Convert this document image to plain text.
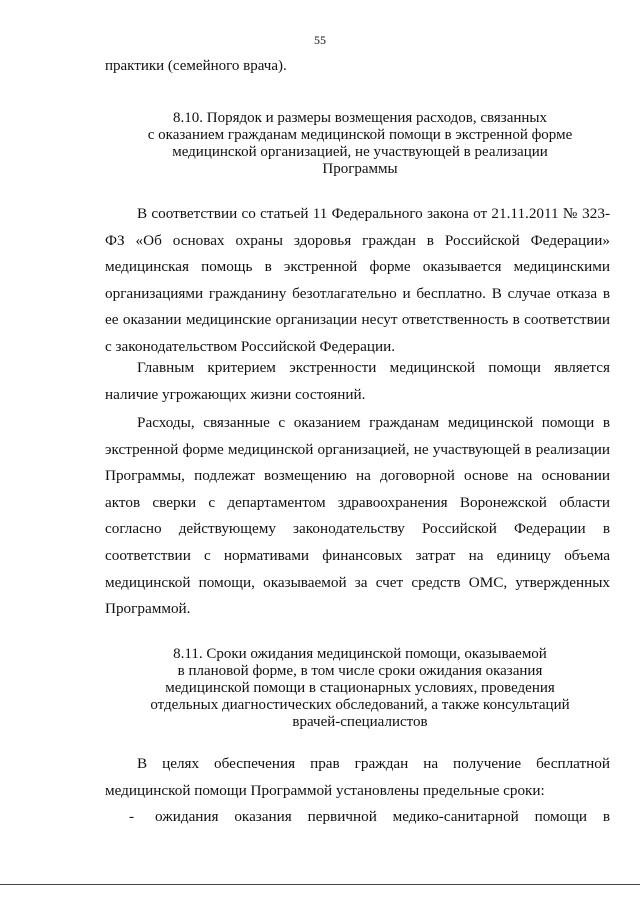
55
практики (семейного врача).
8.10. Порядок и размеры возмещения расходов, связанных
с оказанием гражданам медицинской помощи в экстренной форме
медицинской организацией, не участвующей в реализации
Программы

В соответствии со статьей 11 Федерального закона от 21.11.2011 № 323-ФЗ «Об основах охраны здоровья граждан в Российской Федерации» медицинская помощь в экстренной форме оказывается медицинскими организациями гражданину безотлагательно и бесплатно. В случае отказа в ее оказании медицинские организации несут ответственность в соответствии с законодательством Российской Федерации.

Главным критерием экстренности медицинской помощи является наличие угрожающих жизни состояний.

Расходы, связанные с оказанием гражданам медицинской помощи в экстренной форме медицинской организацией, не участвующей в реализации Программы, подлежат возмещению на договорной основе на основании актов сверки с департаментом здравоохранения Воронежской области согласно действующему законодательству Российской Федерации в соответствии с нормативами финансовых затрат на единицу объема медицинской помощи, оказываемой за счет средств ОМС, утвержденных Программой.

8.11. Сроки ожидания медицинской помощи, оказываемой
в плановой форме, в том числе сроки ожидания оказания
медицинской помощи в стационарных условиях, проведения
отдельных диагностических обследований, а также консультаций
врачей-специалистов

В целях обеспечения прав граждан на получение бесплатной медицинской помощи Программой установлены предельные сроки:

-	ожидания оказания первичной медико-санитарной помощи в
